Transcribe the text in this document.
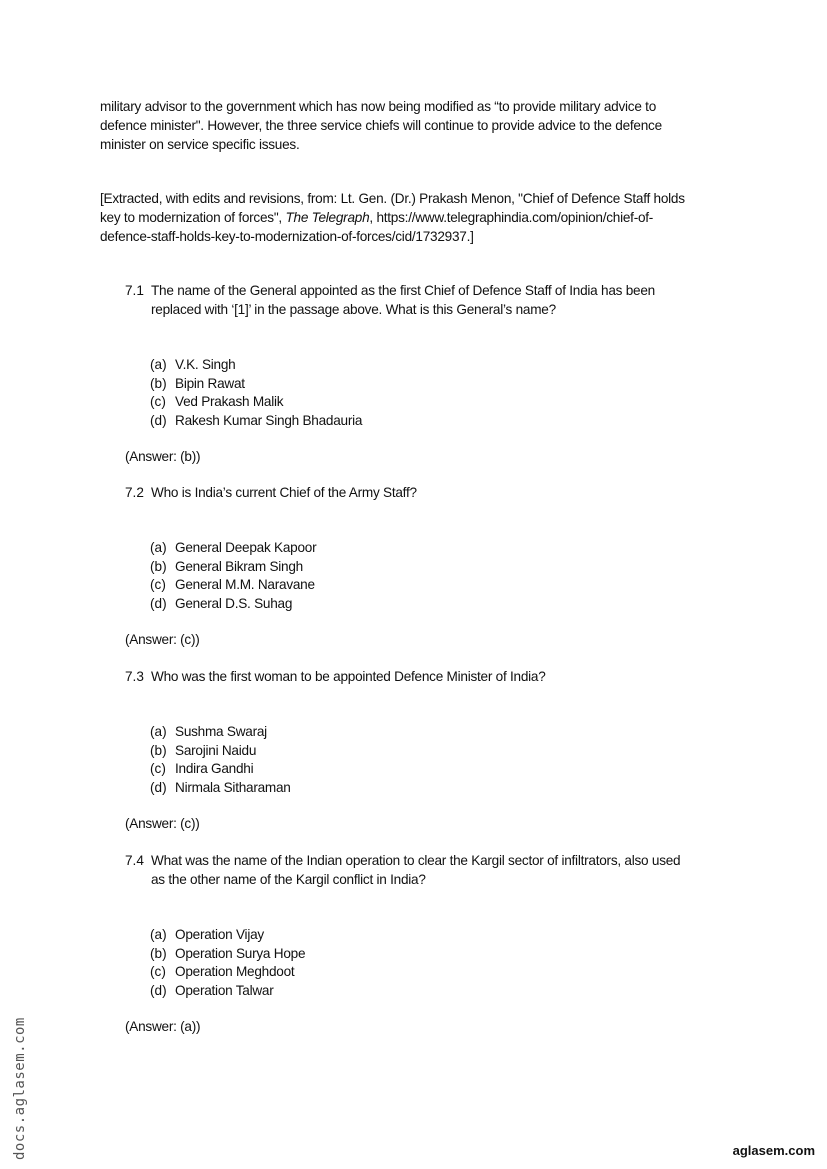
military advisor to the government which has now being modified as “to provide military advice to
defence minister". However, the three service chiefs will continue to provide advice to the defence
minister on service specific issues.
[Extracted, with edits and revisions, from: Lt. Gen. (Dr.) Prakash Menon, "Chief of Defence Staff holds
key to modernization of forces", The Telegraph, https://www.telegraphindia.com/opinion/chief-of-
defence-staff-holds-key-to-modernization-of-forces/cid/1732937.]
7.1 The name of the General appointed as the first Chief of Defence Staff of India has been
replaced with ‘[1]’ in the passage above. What is this General’s name?
(a) V.K. Singh
(b) Bipin Rawat
(c) Ved Prakash Malik
(d) Rakesh Kumar Singh Bhadauria
(Answer: (b))
7.2 Who is India’s current Chief of the Army Staff?
(a) General Deepak Kapoor
(b) General Bikram Singh
(c) General M.M. Naravane
(d) General D.S. Suhag
(Answer: (c))
7.3 Who was the first woman to be appointed Defence Minister of India?
(a) Sushma Swaraj
(b) Sarojini Naidu
(c) Indira Gandhi
(d) Nirmala Sitharaman
(Answer: (c))
7.4 What was the name of the Indian operation to clear the Kargil sector of infiltrators, also used
as the other name of the Kargil conflict in India?
(a) Operation Vijay
(b) Operation Surya Hope
(c) Operation Meghdoot
(d) Operation Talwar
(Answer: (a))
docs.aglasem.com	aglasem.com
